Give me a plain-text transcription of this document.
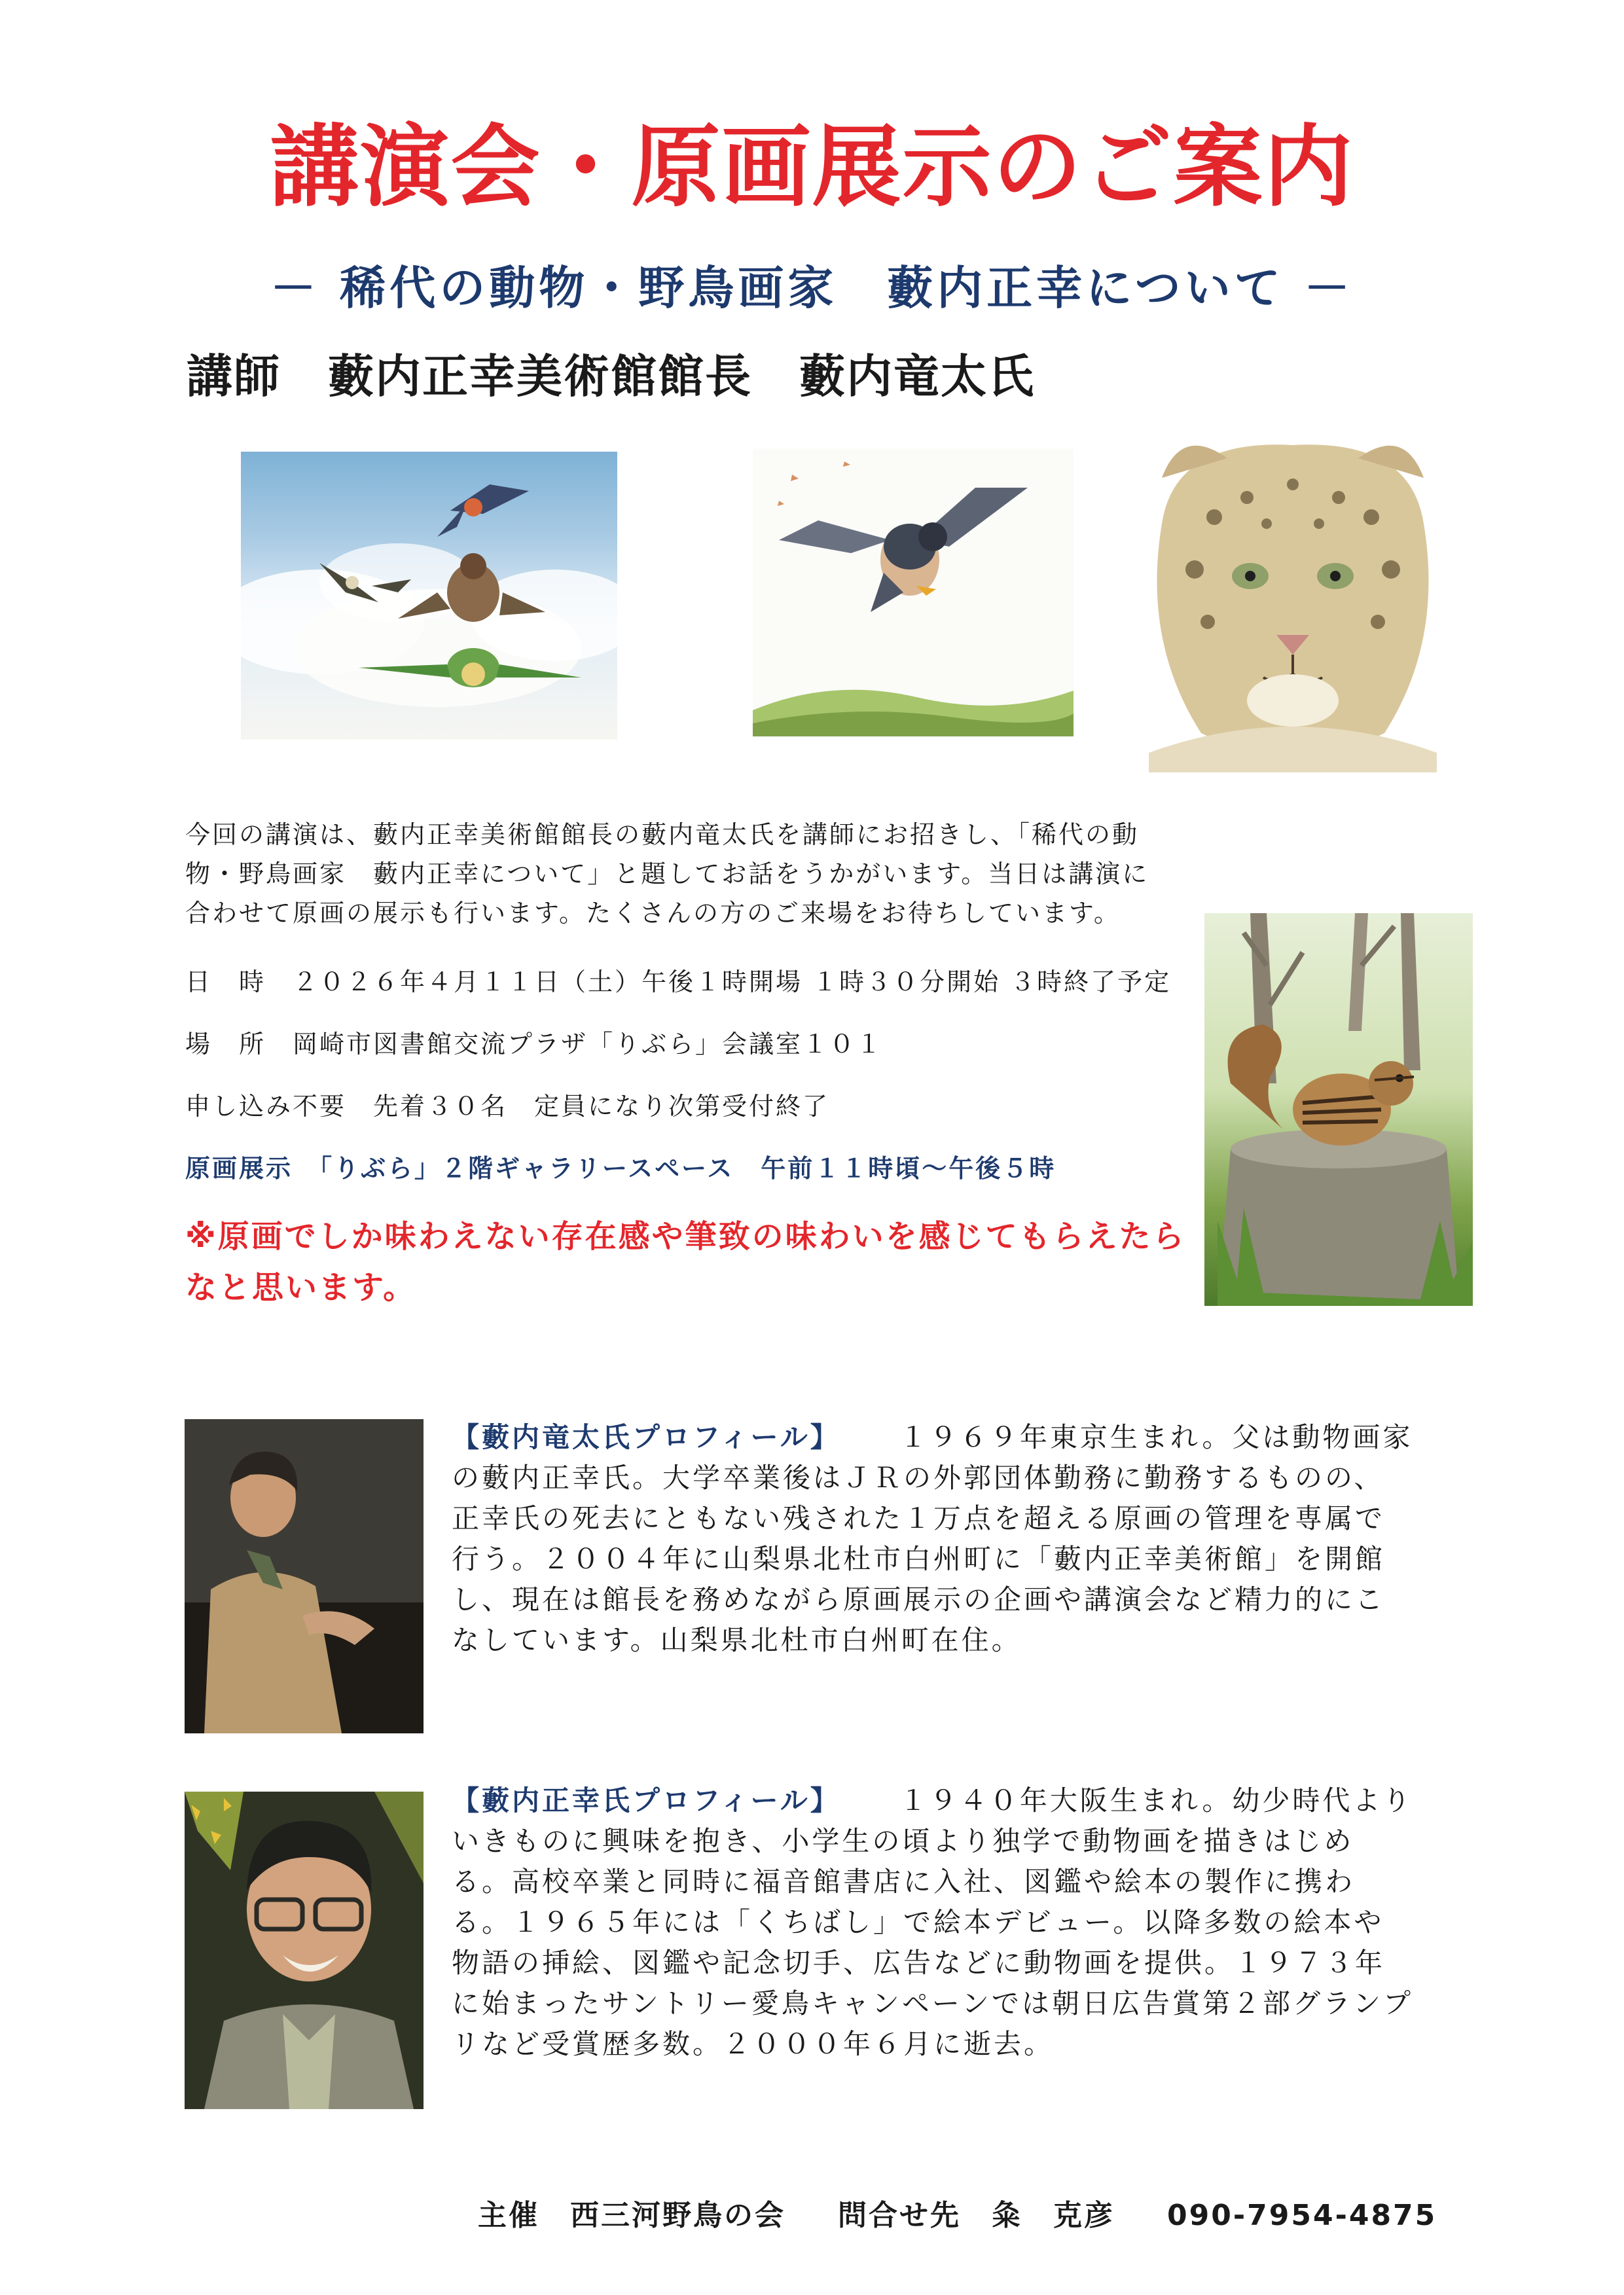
講演会・原画展示のご案内
－ 稀代の動物・野鳥画家　藪内正幸について －
講師　藪内正幸美術館館長　藪内竜太氏
今回の講演は、藪内正幸美術館館長の藪内竜太氏を講師にお招きし、「稀代の動物・野鳥画家　藪内正幸について」と題してお話をうかがいます。当日は講演に合わせて原画の展示も行います。たくさんの方のご来場をお待ちしています。
日　時　２０２６年４月１１日（土）午後１時開場 １時３０分開始 ３時終了予定
場　所　岡崎市図書館交流プラザ「りぶら」会議室１０１
申し込み不要　先着３０名　定員になり次第受付終了
原画展示　「りぶら」２階ギャラリースペース　午前１１時頃～午後５時
※原画でしか味わえない存在感や筆致の味わいを感じてもらえたらなと思います。
【藪内竜太氏プロフィール】 １９６９年東京生まれ。父は動物画家の藪内正幸氏。大学卒業後はＪＲの外郭団体勤務に勤務するものの、正幸氏の死去にともない残された１万点を超える原画の管理を専属で行う。２００４年に山梨県北杜市白州町に「藪内正幸美術館」を開館し、現在は館長を務めながら原画展示の企画や講演会など精力的にこなしています。山梨県北杜市白州町在住。
【藪内正幸氏プロフィール】 １９４０年大阪生まれ。幼少時代よりいきものに興味を抱き、小学生の頃より独学で動物画を描きはじめる。高校卒業と同時に福音館書店に入社、図鑑や絵本の製作に携わる。１９６５年には「くちばし」で絵本デビュー。以降多数の絵本や物語の挿絵、図鑑や記念切手、広告などに動物画を提供。１９７３年に始まったサントリー愛鳥キャンペーンでは朝日広告賞第２部グランプリなど受賞歴多数。２０００年６月に逝去。
主催　西三河野鳥の会 問合せ先　粂　克彦 090-7954-4875
